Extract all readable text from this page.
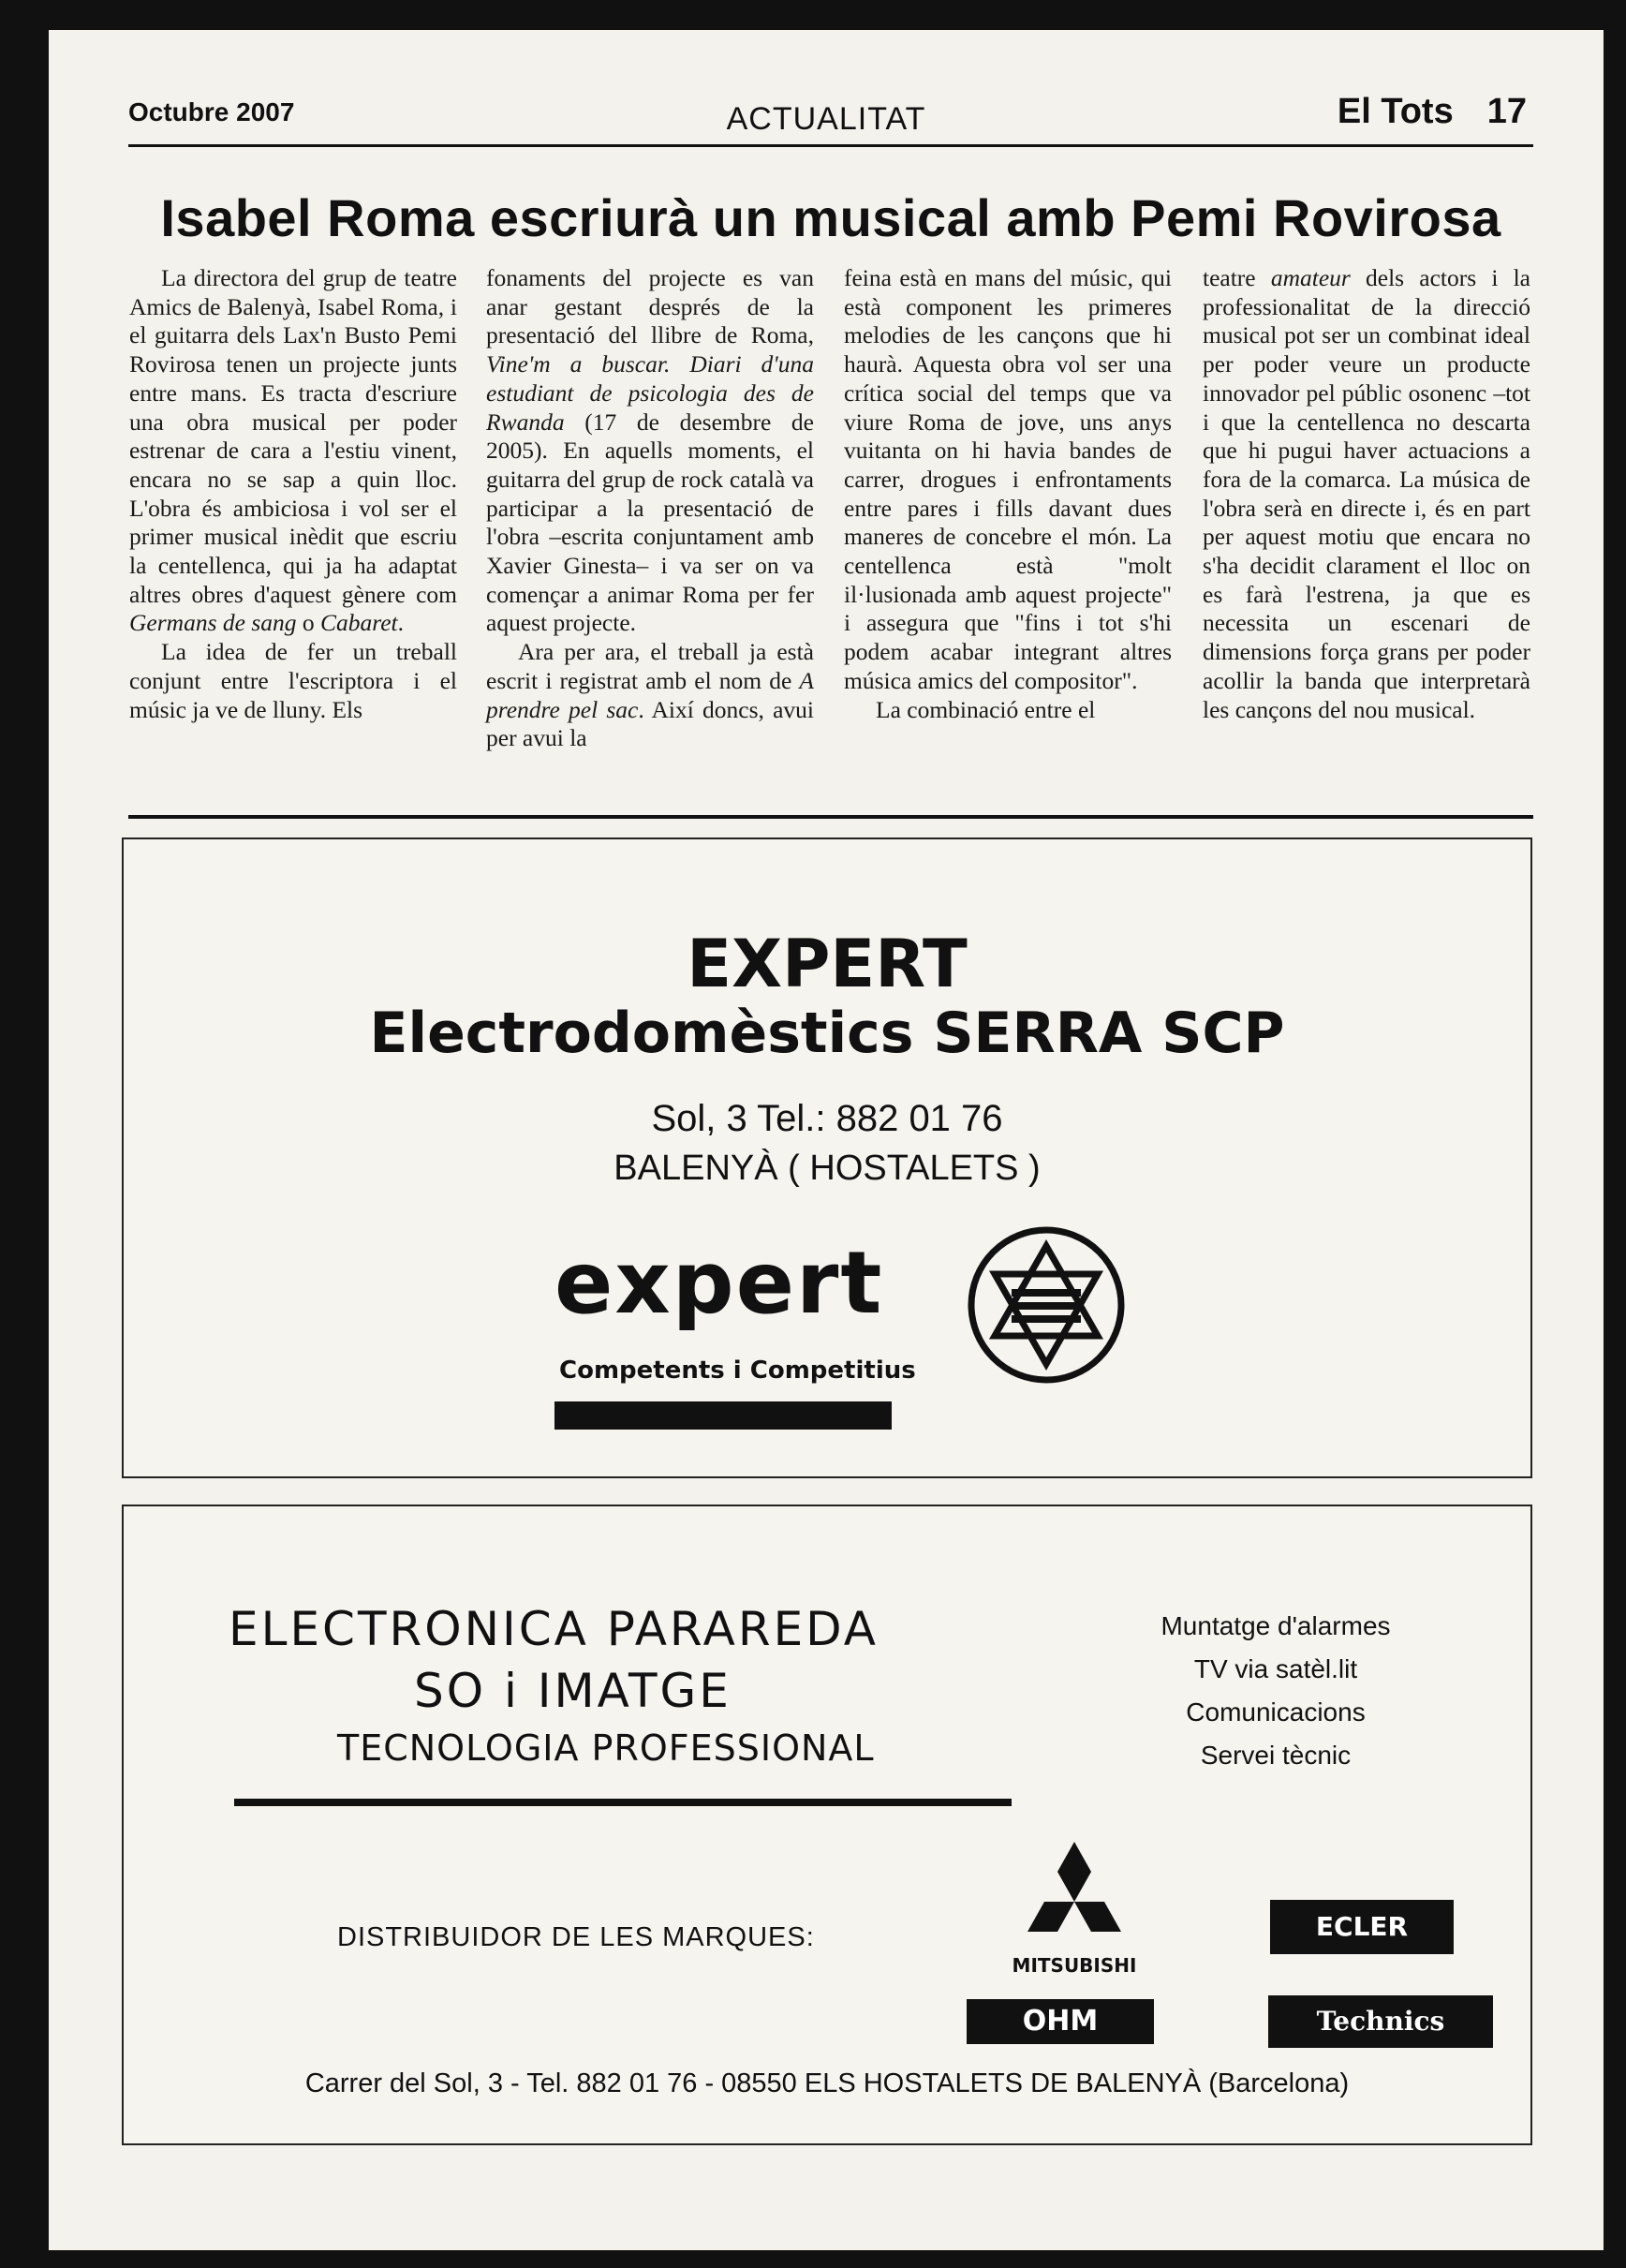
Octubre 2007	ACTUALITAT	El Tots 17
Isabel Roma escriurà un musical amb Pemi Rovirosa

La directora del grup de teatre Amics de Balenyà, Isabel Roma, i el guitarra dels Lax'n Busto Pemi Rovirosa tenen un projecte junts entre mans. Es tracta d'escriure una obra musical per poder estrenar de cara a l'estiu vinent, encara no se sap a quin lloc. L'obra és ambiciosa i vol ser el primer musical inèdit que escriu la centellenca, qui ja ha adaptat altres obres d'aquest gènere com Germans de sang o Cabaret.

La idea de fer un treball conjunt entre l'escriptora i el músic ja ve de lluny. Els

fonaments del projecte es van anar gestant després de la presentació del llibre de Roma, Vine'm a buscar. Diari d'una estudiant de psicologia des de Rwanda (17 de desembre de 2005). En aquells moments, el guitarra del grup de rock català va participar a la presentació de l'obra –escrita conjuntament amb Xavier Ginesta– i va ser on va començar a animar Roma per fer aquest projecte.

Ara per ara, el treball ja està escrit i registrat amb el nom de A prendre pel sac. Així doncs, avui per avui la

feina està en mans del músic, qui està component les primeres melodies de les cançons que hi haurà. Aquesta obra vol ser una crítica social del temps que va viure Roma de jove, uns anys vuitanta on hi havia bandes de carrer, drogues i enfrontaments entre pares i fills davant dues maneres de concebre el món. La centellenca està "molt il·lusionada amb aquest projecte" i assegura que "fins i tot s'hi podem acabar integrant altres música amics del compositor".

La combinació entre el

teatre amateur dels actors i la professionalitat de la direcció musical pot ser un combinat ideal per poder veure un producte innovador pel públic osonenc –tot i que la centellenca no descarta que hi pugui haver actuacions a fora de la comarca. La música de l'obra serà en directe i, és en part per aquest motiu que encara no s'ha decidit clarament el lloc on es farà l'estrena, ja que es necessita un escenari de dimensions força grans per poder acollir la banda que interpretarà les cançons del nou musical.

EXPERT
Electrodomèstics SERRA SCP
Sol, 3 Tel.: 882 01 76
BALENYÀ ( HOSTALETS )
expert
Competents i Competitius
ELECTRONICA PARAREDA
SO i IMATGE
TECNOLOGIA PROFESSIONAL
Muntatge d'alarmes
TV via satèl.lit
Comunicacions
Servei tècnic
DISTRIBUIDOR DE LES MARQUES:
MITSUBISHI
OHM
ECLER
Technics
Carrer del Sol, 3 - Tel. 882 01 76 - 08550 ELS HOSTALETS DE BALENYÀ (Barcelona)
